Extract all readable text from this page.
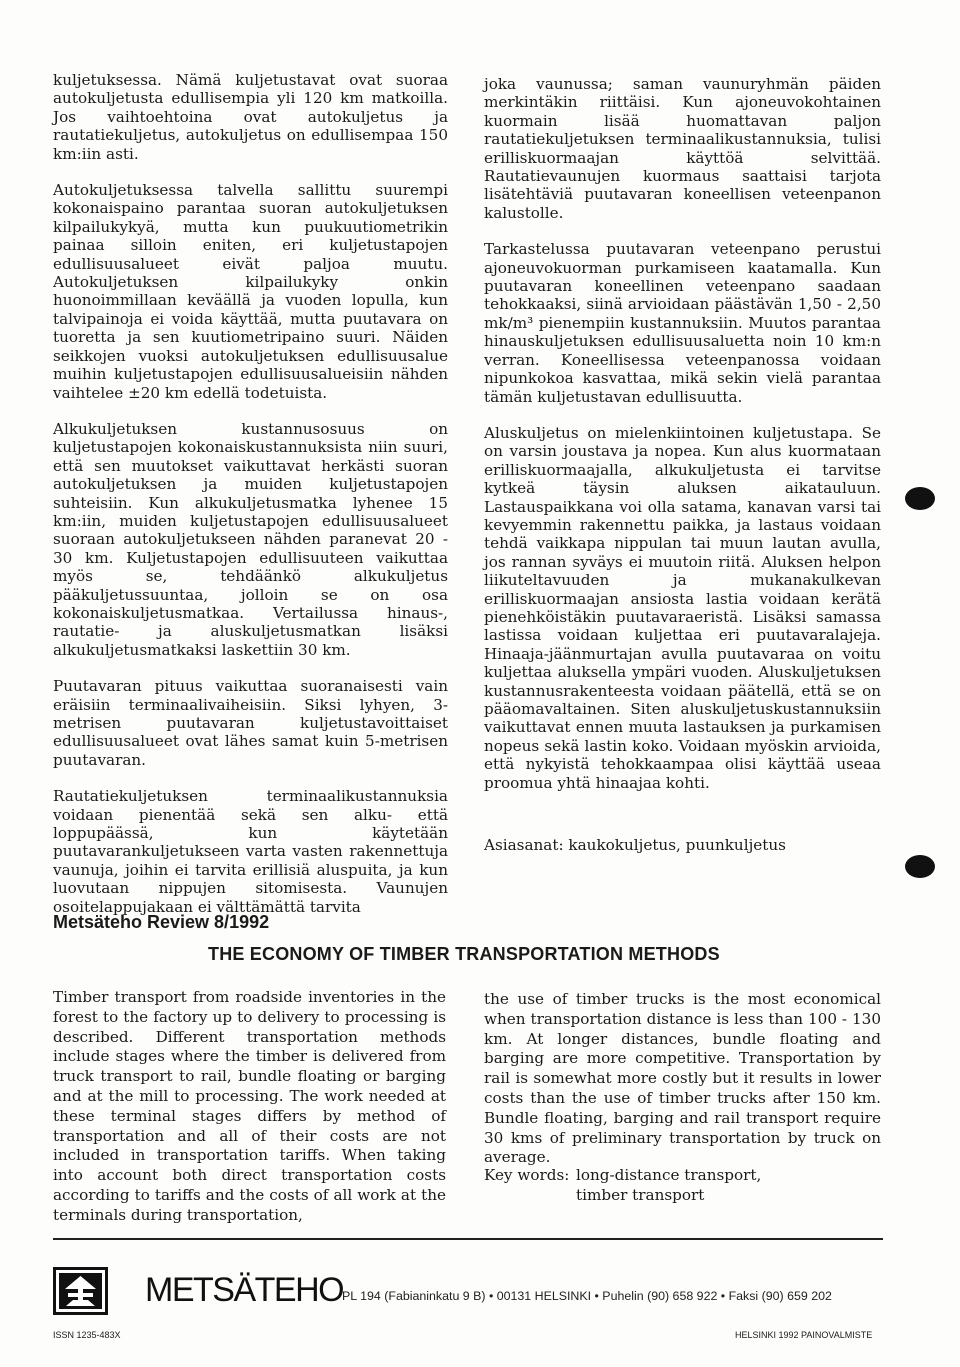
kuljetuksessa. Nämä kuljetustavat ovat suoraa autokuljetusta edullisempia yli 120 km matkoilla. Jos vaihtoehtoina ovat autokuljetus ja rautatiekuljetus, autokuljetus on edullisempaa 150 km:iin asti.

Autokuljetuksessa talvella sallittu suurempi kokonaispaino parantaa suoran autokuljetuksen kilpailukykyä, mutta kun puukuutiometrikin painaa silloin eniten, eri kuljetustapojen edullisuusalueet eivät paljoa muutu. Autokuljetuksen kilpailukyky onkin huonoimmillaan keväällä ja vuoden lopulla, kun talvipainoja ei voida käyttää, mutta puutavara on tuoretta ja sen kuutiometripaino suuri. Näiden seikkojen vuoksi autokuljetuksen edullisuusalue muihin kuljetustapojen edullisuusalueisiin nähden vaihtelee ±20 km edellä todetuista.

Alkukuljetuksen kustannusosuus on kuljetustapojen kokonaiskustannuksista niin suuri, että sen muutokset vaikuttavat herkästi suoran autokuljetuksen ja muiden kuljetustapojen suhteisiin. Kun alkukuljetusmatka lyhenee 15 km:iin, muiden kuljetustapojen edullisuusalueet suoraan autokuljetukseen nähden paranevat 20 - 30 km. Kuljetustapojen edullisuuteen vaikuttaa myös se, tehdäänkö alkukuljetus pääkuljetussuuntaa, jolloin se on osa kokonaiskuljetusmatkaa. Vertailussa hinaus-, rautatie- ja aluskuljetusmatkan lisäksi alkukuljetusmatkaksi laskettiin 30 km.

Puutavaran pituus vaikuttaa suoranaisesti vain eräisiin terminaalivaiheisiin. Siksi lyhyen, 3-metrisen puutavaran kuljetustavoittaiset edullisuusalueet ovat lähes samat kuin 5-metrisen puutavaran.

Rautatiekuljetuksen terminaalikustannuksia voidaan pienentää sekä sen alku- että loppupäässä, kun käytetään puutavarankuljetukseen varta vasten rakennettuja vaunuja, joihin ei tarvita erillisiä aluspuita, ja kun luovutaan nippujen sitomisesta. Vaunujen osoitelappujakaan ei välttämättä tarvita

joka vaunussa; saman vaunuryhmän päiden merkintäkin riittäisi. Kun ajoneuvokohtainen kuormain lisää huomattavan paljon rautatiekuljetuksen terminaalikustannuksia, tulisi erilliskuormaajan käyttöä selvittää. Rautatievaunujen kuormaus saattaisi tarjota lisätehtäviä puutavaran koneellisen veteenpanon kalustolle.

Tarkastelussa puutavaran veteenpano perustui ajoneuvokuorman purkamiseen kaatamalla. Kun puutavaran koneellinen veteenpano saadaan tehokkaaksi, siinä arvioidaan päästävän 1,50 - 2,50 mk/m³ pienempiin kustannuksiin. Muutos parantaa hinauskuljetuksen edullisuusaluetta noin 10 km:n verran. Koneellisessa veteenpanossa voidaan nipunkokoa kasvattaa, mikä sekin vielä parantaa tämän kuljetustavan edullisuutta.

Aluskuljetus on mielenkiintoinen kuljetustapa. Se on varsin joustava ja nopea. Kun alus kuormataan erilliskuormaajalla, alkukuljetusta ei tarvitse kytkeä täysin aluksen aikatauluun. Lastauspaikkana voi olla satama, kanavan varsi tai kevyemmin rakennettu paikka, ja lastaus voidaan tehdä vaikkapa nippulan tai muun lautan avulla, jos rannan syväys ei muutoin riitä. Aluksen helpon liikuteltavuuden ja mukanakulkevan erilliskuormaajan ansiosta lastia voidaan kerätä pienehköistäkin puutavaraeristä. Lisäksi samassa lastissa voidaan kuljettaa eri puutavaralajeja. Hinaaja-jäänmurtajan avulla puutavaraa on voitu kuljettaa aluksella ympäri vuoden. Aluskuljetuksen kustannusrakenteesta voidaan päätellä, että se on pääomavaltainen. Siten aluskuljetuskustannuksiin vaikuttavat ennen muuta lastauksen ja purkamisen nopeus sekä lastin koko. Voidaan myöskin arvioida, että nykyistä tehokkaampaa olisi käyttää useaa proomua yhtä hinaajaa kohti.

Asiasanat: kaukokuljetus, puunkuljetus
Metsäteho Review 8/1992
THE ECONOMY OF TIMBER TRANSPORTATION METHODS
Timber transport from roadside inventories in the forest to the factory up to delivery to processing is described. Different transportation methods include stages where the timber is delivered from truck transport to rail, bundle floating or barging and at the mill to processing. The work needed at these terminal stages differs by method of transportation and all of their costs are not included in transportation tariffs. When taking into account both direct transportation costs according to tariffs and the costs of all work at the terminals during transportation,
the use of timber trucks is the most economical when transportation distance is less than 100 - 130 km. At longer distances, bundle floating and barging are more competitive. Transportation by rail is somewhat more costly but it results in lower costs than the use of timber trucks after 150 km. Bundle floating, barging and rail transport require 30 kms of preliminary transportation by truck on average.
Key words: long-distance transport,
timber transport
METSÄTEHO
PL 194 (Fabianinkatu 9 B) • 00131 HELSINKI • Puhelin (90) 658 922 • Faksi (90) 659 202
ISSN 1235-483X	HELSINKI 1992 PAINOVALMISTE
